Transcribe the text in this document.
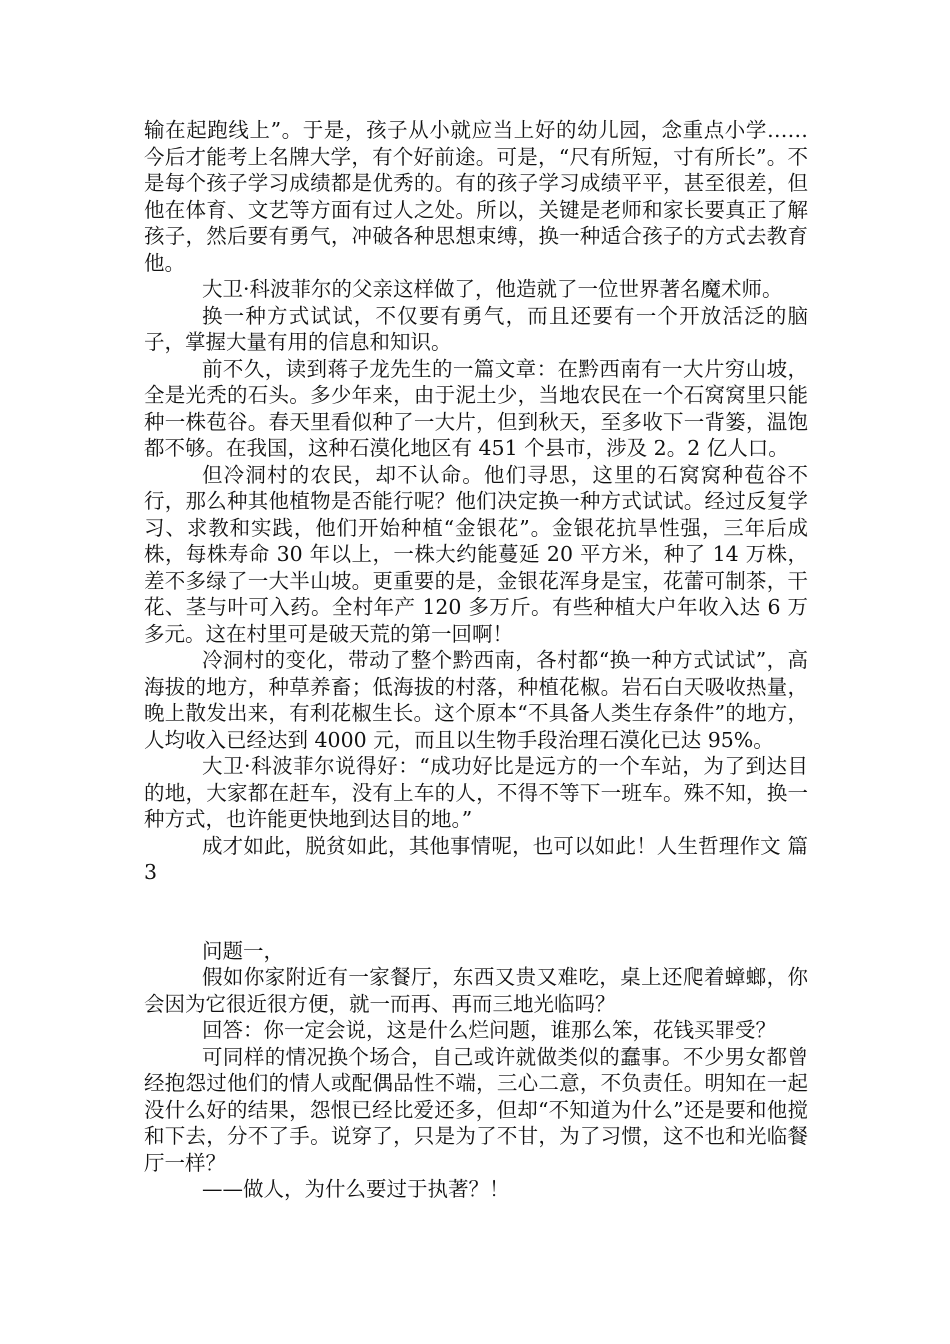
输在起跑线上”。于是，孩子从小就应当上好的幼儿园，念重点小学……今后才能考上名牌大学，有个好前途。可是，“尺有所短，寸有所长”。不是每个孩子学习成绩都是优秀的。有的孩子学习成绩平平，甚至很差，但他在体育、文艺等方面有过人之处。所以，关键是老师和家长要真正了解孩子，然后要有勇气，冲破各种思想束缚，换一种适合孩子的方式去教育他。

大卫·科波菲尔的父亲这样做了，他造就了一位世界著名魔术师。

换一种方式试试，不仅要有勇气，而且还要有一个开放活泛的脑子，掌握大量有用的信息和知识。

前不久，读到蒋子龙先生的一篇文章：在黔西南有一大片穷山坡，全是光秃的石头。多少年来，由于泥土少，当地农民在一个石窝窝里只能种一株苞谷。春天里看似种了一大片，但到秋天，至多收下一背篓，温饱都不够。在我国，这种石漠化地区有 451 个县市，涉及 2。2 亿人口。

但冷洞村的农民，却不认命。他们寻思，这里的石窝窝种苞谷不行，那么种其他植物是否能行呢？他们决定换一种方式试试。经过反复学习、求教和实践，他们开始种植“金银花”。金银花抗旱性强，三年后成株，每株寿命 30 年以上，一株大约能蔓延 20 平方米，种了 14 万株，差不多绿了一大半山坡。更重要的是，金银花浑身是宝，花蕾可制茶，干花、茎与叶可入药。全村年产 120 多万斤。有些种植大户年收入达 6 万多元。这在村里可是破天荒的第一回啊！

冷洞村的变化，带动了整个黔西南，各村都“换一种方式试试”，高海拔的地方，种草养畜；低海拔的村落，种植花椒。岩石白天吸收热量，晚上散发出来，有利花椒生长。这个原本“不具备人类生存条件”的地方，人均收入已经达到 4000 元，而且以生物手段治理石漠化已达 95%。

大卫·科波菲尔说得好：“成功好比是远方的一个车站，为了到达目的地，大家都在赶车，没有上车的人，不得不等下一班车。殊不知，换一种方式，也许能更快地到达目的地。”

成才如此，脱贫如此，其他事情呢，也可以如此！人生哲理作文 篇 3

问题一，

假如你家附近有一家餐厅，东西又贵又难吃，桌上还爬着蟑螂，你会因为它很近很方便，就一而再、再而三地光临吗？

回答：你一定会说，这是什么烂问题，谁那么笨，花钱买罪受？

可同样的情况换个场合，自己或许就做类似的蠢事。不少男女都曾经抱怨过他们的情人或配偶品性不端，三心二意，不负责任。明知在一起没什么好的结果，怨恨已经比爱还多，但却“不知道为什么”还是要和他搅和下去，分不了手。说穿了，只是为了不甘，为了习惯，这不也和光临餐厅一样？

——做人，为什么要过于执著？！
